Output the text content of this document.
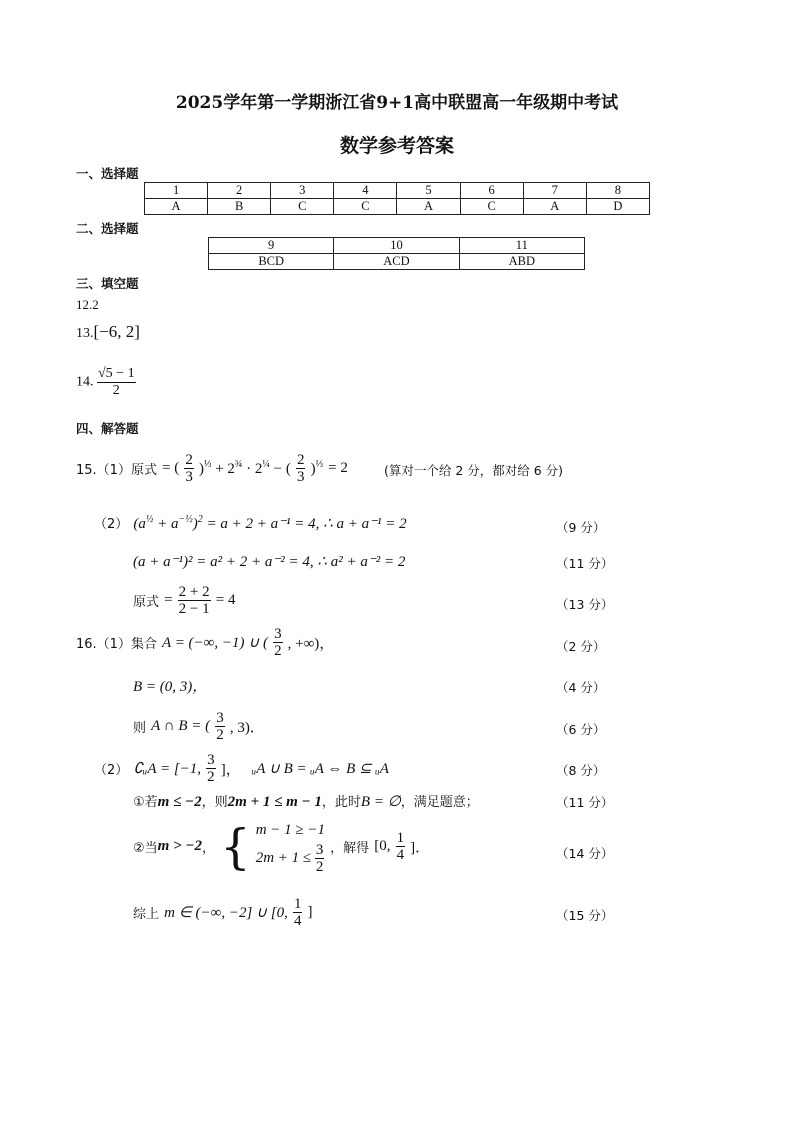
2025学年第一学期浙江省9+1高中联盟高一年级期中考试
数学参考答案
一、选择题
1	2	3	4	5	6	7	8
A	B	C	C	A	C	A	D
二、选择题
9	10	11
BCD	ACD	ABD
三、填空题
12.2
13.[−6, 2]
14. $\frac{√5 - 1}{2}$
四、解答题
15.（1）原式 = ( $\frac{2}{3} )^{\frac{1}{3}} + 2^{\frac{3}{4}} \cdot 2^{\frac{1}{4}}$ − ( $\frac{2}{3} )^{\frac{1}{3}} = 2$	(算对一个给 2 分，都对给 6 分)
（2） $(a^{\frac{1}{2}} + a^{-\frac{1}{2}})^2 = a + 2 + a^{-1} = 4$, ∴ a + a⁻¹ = 2	（9 分）
(a + a⁻¹)² = a² + 2 + a⁻² = 4, ∴ a² + a⁻² = 2	（11 分）
原式 = $\frac{2 + 2}{2 - 1} = 4$	（13 分）
16.（1）集合 A = (−∞, −1) ∪ ( $\frac{3}{2}$ , +∞)，	（2 分）
B = (0, 3)，	（4 分）
则 A ∩ B = ( $\frac{3}{2}$ , 3)．	（6 分）
（2） ∁ᵤA = [−1, $\frac{3}{2}$ ]， ᵤA ∪ B = ᵤA ⇔ B ⊆ ᵤA	（8 分）
①若m ≤ −2，则2m + 1 ≤ m − 1，此时B = ∅，满足题意；	（11 分）
②当m > −2， { m − 1 ≥ −1
$2m + 1 \le \frac{3}{2}$ ，解得 [0, $\frac{1}{4}$ ]．	（14 分）
综上 m ∈ (−∞, −2] ∪ [0, $\frac{1}{4}$ ]	（15 分）
